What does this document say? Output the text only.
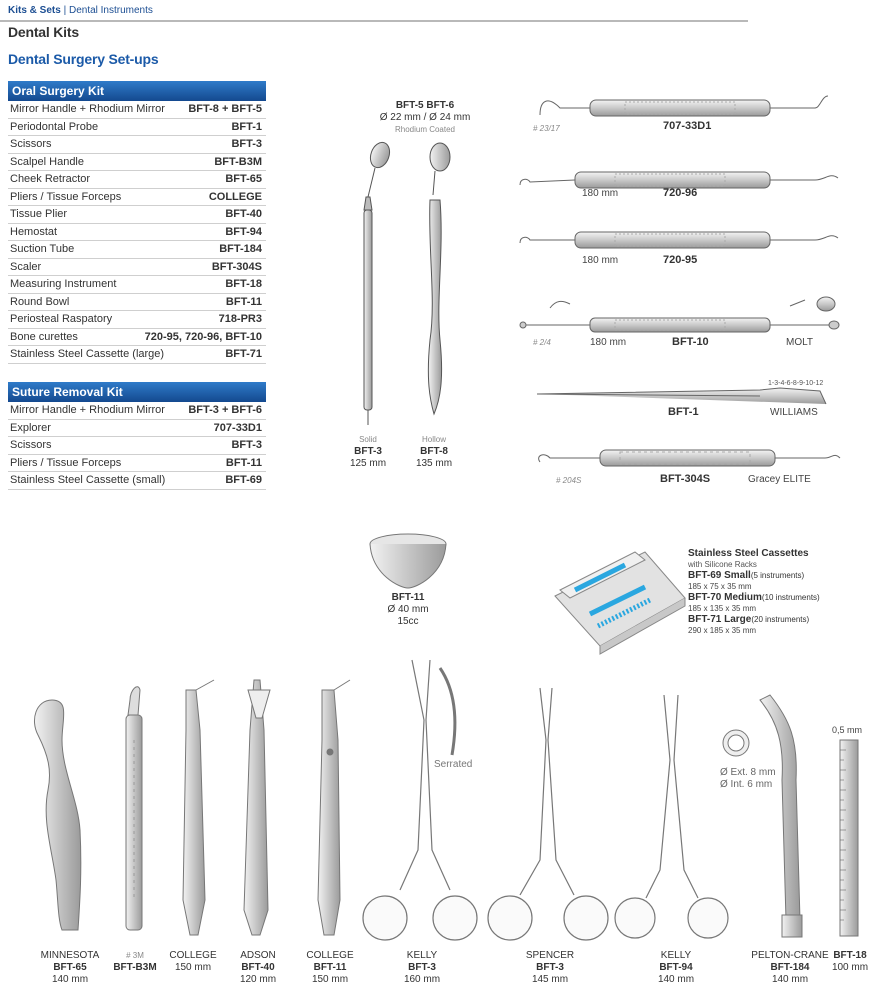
Kits & Sets | Dental Instruments
Dental Kits
Dental Surgery Set-ups
Oral Surgery Kit
Mirror Handle + Rhodium Mirror BFT-8 + BFT-5
Periodontal Probe	BFT-1
Scissors	BFT-3
Scalpel Handle	BFT-B3M
Cheek Retractor	BFT-65
Pliers / Tissue Forceps	COLLEGE
Tissue Plier	BFT-40
Hemostat	BFT-94
Suction Tube	BFT-184
Scaler	BFT-304S
Measuring Instrument	BFT-18
Round Bowl	BFT-11
Periosteal Raspatory	718-PR3
Bone curettes	720-95, 720-96, BFT-10
Stainless Steel Cassette (large)	BFT-71
Suture Removal Kit
Mirror Handle + Rhodium Mirror BFT-3 + BFT-6
Explorer	707-33D1
Scissors	BFT-3
Pliers / Tissue Forceps	BFT-11
Stainless Steel Cassette (small)	BFT-69
BFT-5 BFT-6
Ø 22 mm / Ø 24 mm
Rhodium Coated
Solid
BFT-3
125 mm
Hollow
BFT-8
135 mm
# 23/17	707-33D1
180 mm	720-96
180 mm	720-95
# 2/4	180 mm	BFT-10	MOLT
1-3-4-6-8-9-10-12
BFT-1	WILLIAMS
# 204S	BFT-304S	Gracey ELITE
BFT-11
Ø 40 mm
15cc
Stainless Steel Cassettes
with Silicone Racks
BFT-69 Small(5 instruments)
185 x 75 x 35 mm
BFT-70 Medium(10 instruments)
185 x 135 x 35 mm
BFT-71 Large(20 instruments)
290 x 185 x 35 mm
Serrated
Ø Ext. 8 mm
Ø Int. 6 mm
0,5 mm
MINNESOTA
BFT-65
140 mm
# 3M
BFT-B3M
COLLEGE
150 mm
ADSON
BFT-40
120 mm
COLLEGE
BFT-11
150 mm
KELLY
BFT-3
160 mm
SPENCER
BFT-3
145 mm
KELLY
BFT-94
140 mm
PELTON-CRANE
BFT-184
140 mm
BFT-18
100 mm
